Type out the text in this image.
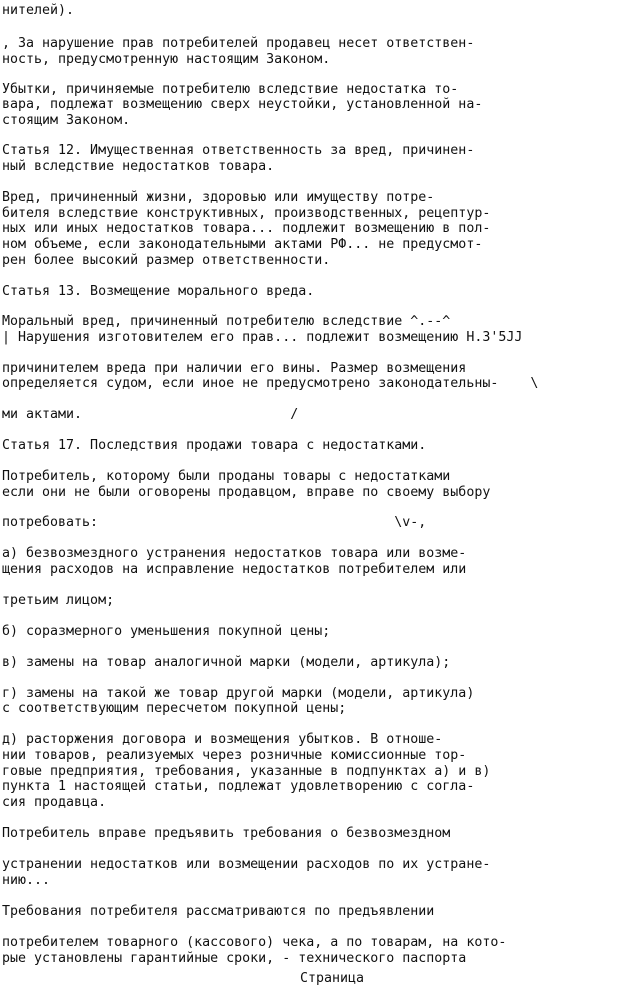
нителей).
, За нарушение прав потребителей продавец несет ответствен-
ность, предусмотренную настоящим Законом.
Убытки, причиняемые потребителю вследствие недостатка то-
вара, подлежат возмещению сверх неустойки, установленной на-
стоящим Законом.
Статья 12. Имущественная ответственность за вред, причинен-
ный вследствие недостатков товара.
Вред, причиненный жизни, здоровью или имуществу потре-
бителя вследствие конструктивных, производственных, рецептур-
ных или иных недостатков товара... подлежит возмещению в пол-
ном объеме, если законодательными актами РФ... не предусмот-
рен более высокий размер ответственности.
Статья 13. Возмещение морального вреда.
Моральный вред, причиненный потребителю вследствие ^.--^
| Нарушения изготовителем его прав... подлежит возмещению Н.3'5JJ
причинителем вреда при наличии его вины. Размер возмещения
определяется судом, если иное не предусмотрено законодательны-    \
ми актами.                          /
Статья 17. Последствия продажи товара с недостатками.
Потребитель, которому были проданы товары с недостатками
если они не были оговорены продавцом, вправе по своему выбору
потребовать:                                     \v-,
а) безвозмездного устранения недостатков товара или возме-
щения расходов на исправление недостатков потребителем или
третьим лицом;
б) соразмерного уменьшения покупной цены;
в) замены на товар аналогичной марки (модели, артикула);
г) замены на такой же товар другой марки (модели, артикула)
с соответствующим пересчетом покупной цены;
д) расторжения договора и возмещения убытков. В отноше-
нии товаров, реализуемых через розничные комиссионные тор-
говые предприятия, требования, указанные в подпунктах а) и в)
пункта 1 настоящей статьи, подлежат удовлетворению с согла-
сия продавца.
Потребитель вправе предъявить требования о безвозмездном
устранении недостатков или возмещении расходов по их устране-
нию...
Требования потребителя рассматриваются по предъявлении
потребителем товарного (кассового) чека, а по товарам, на кото-
рые установлены гарантийные сроки, - технического паспорта
Страница
